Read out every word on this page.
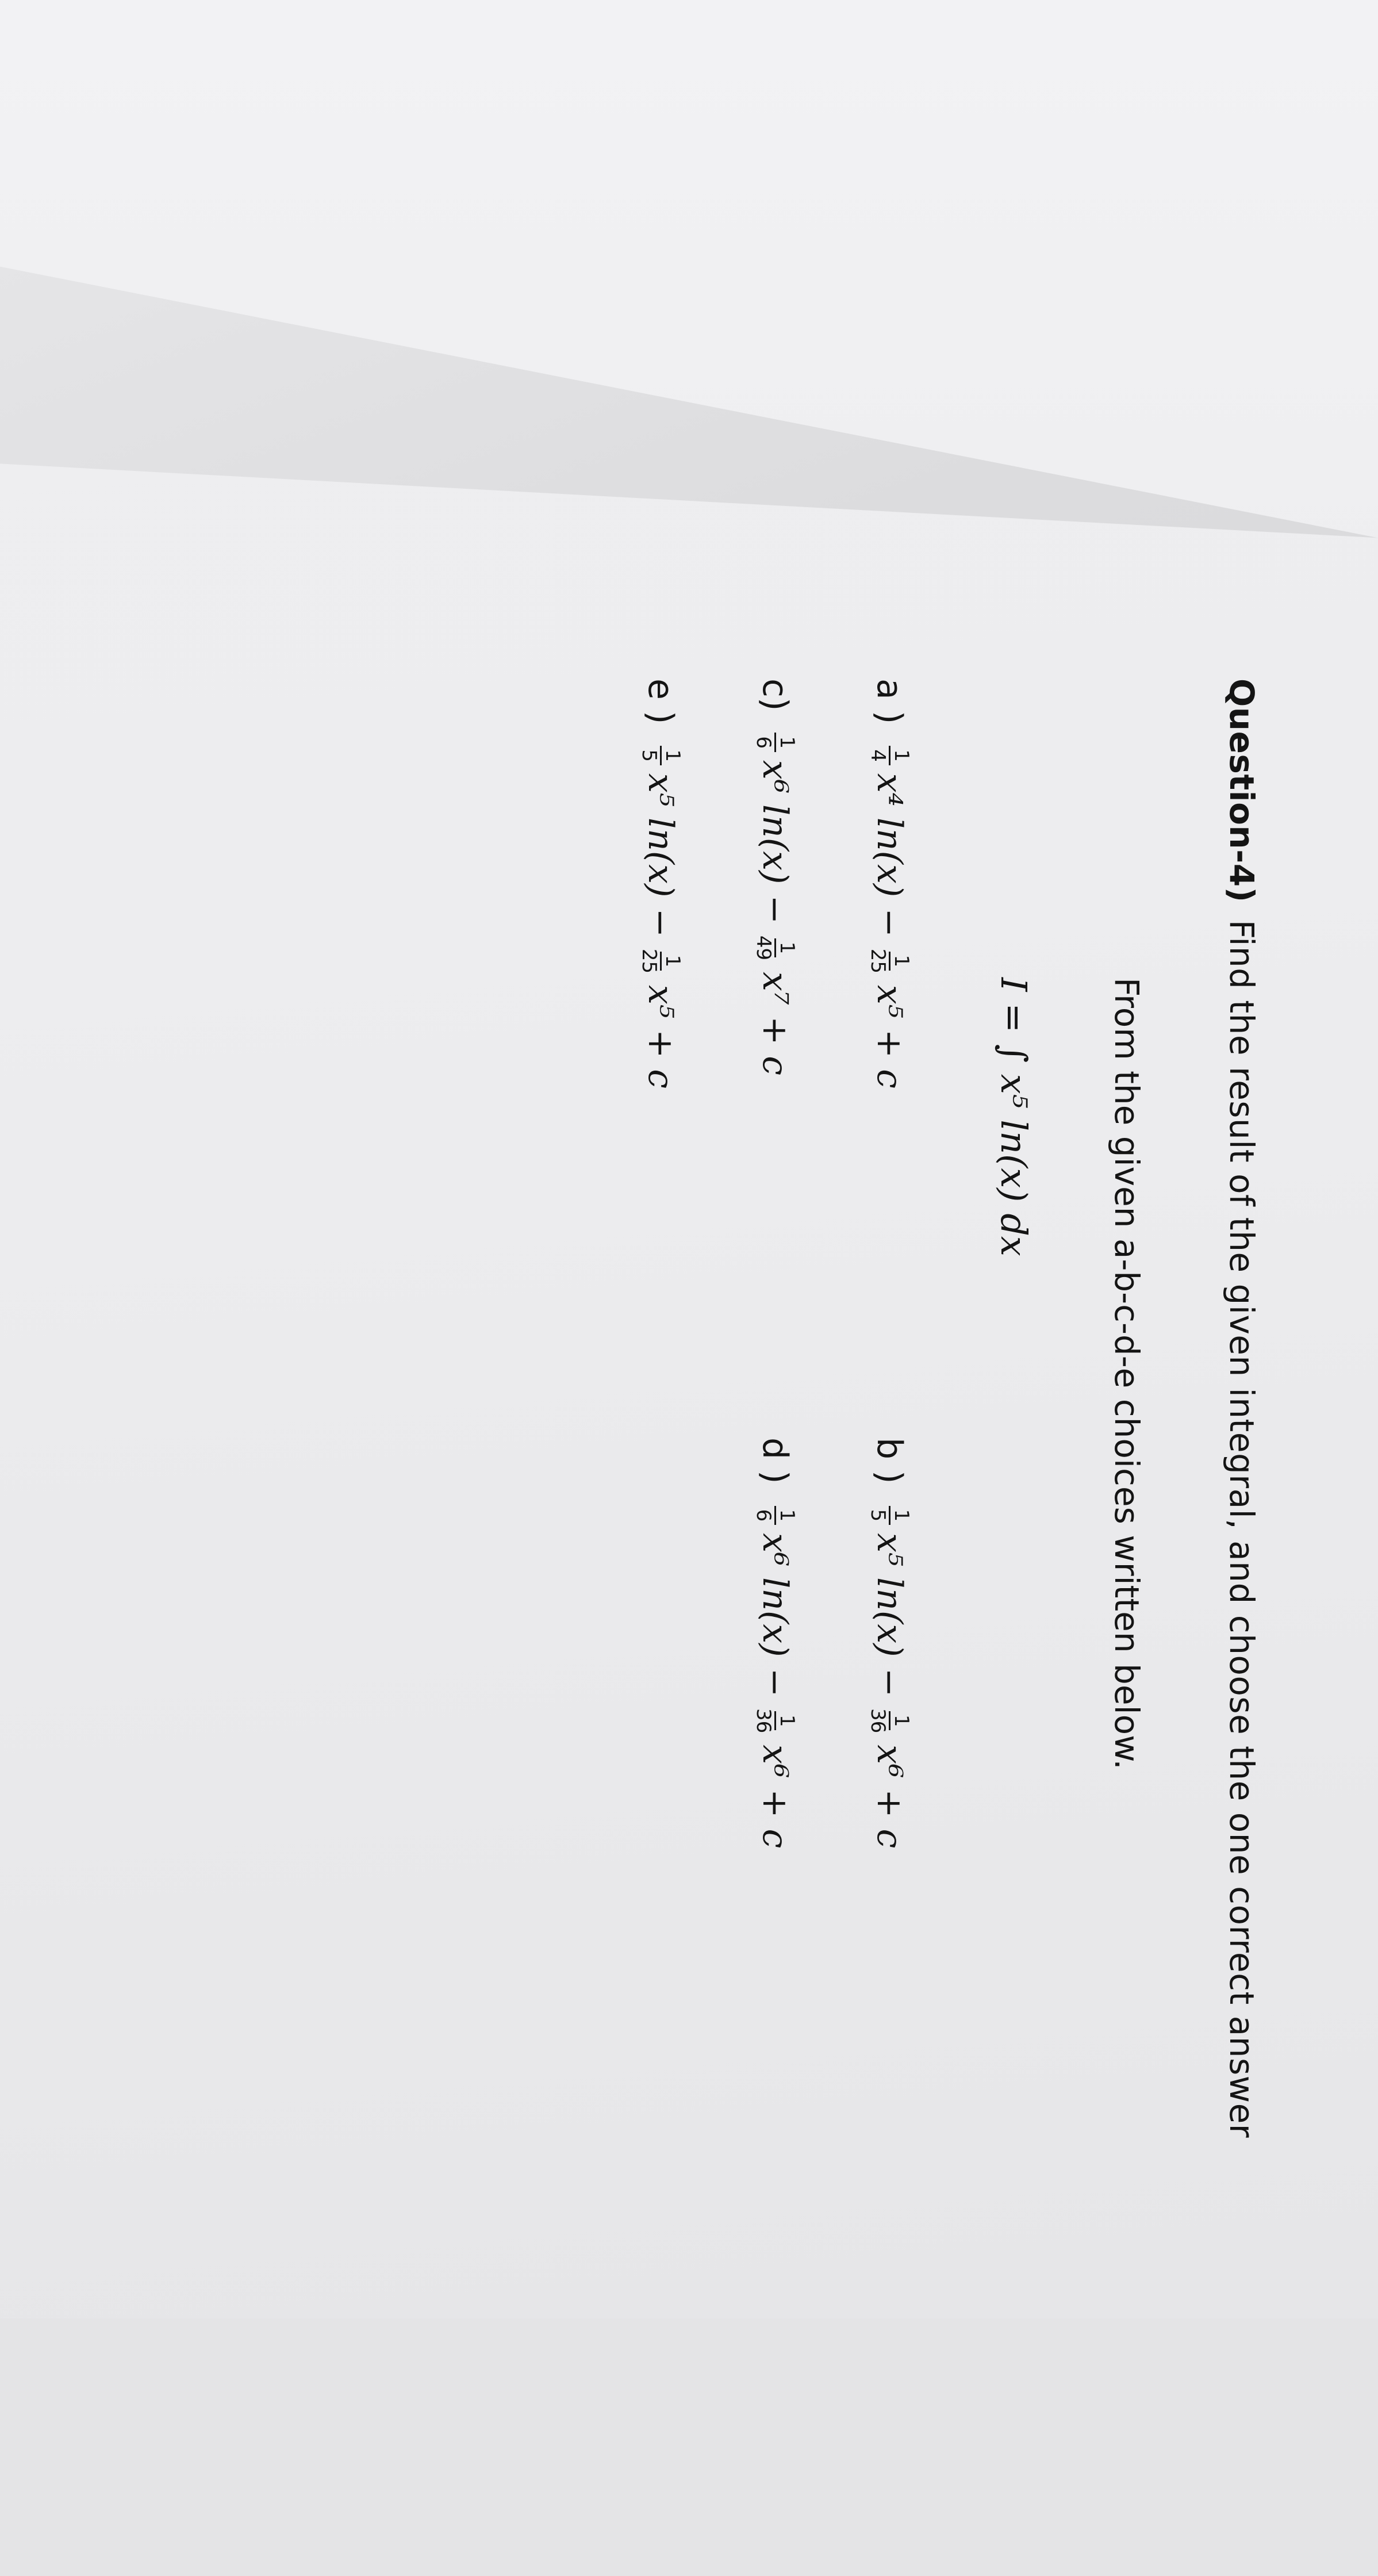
Question-4)Find the result of the given integral, and choose the one correct answer
From the given a-b-c-d-e choices written below.
I = ∫ x⁵ ln(x) dx
a )
1
4
x⁴ ln(x) −
1
25
x⁵ + c
b )
1
5
x⁵ ln(x) −
1
36
x⁶ + c
c)
1
6
x⁶ ln(x) −
1
49
x⁷ + c
d )
1
6
x⁶ ln(x) −
1
36
x⁶ + c
e )
1
5
x⁵ ln(x) −
1
25
x⁵ + c
